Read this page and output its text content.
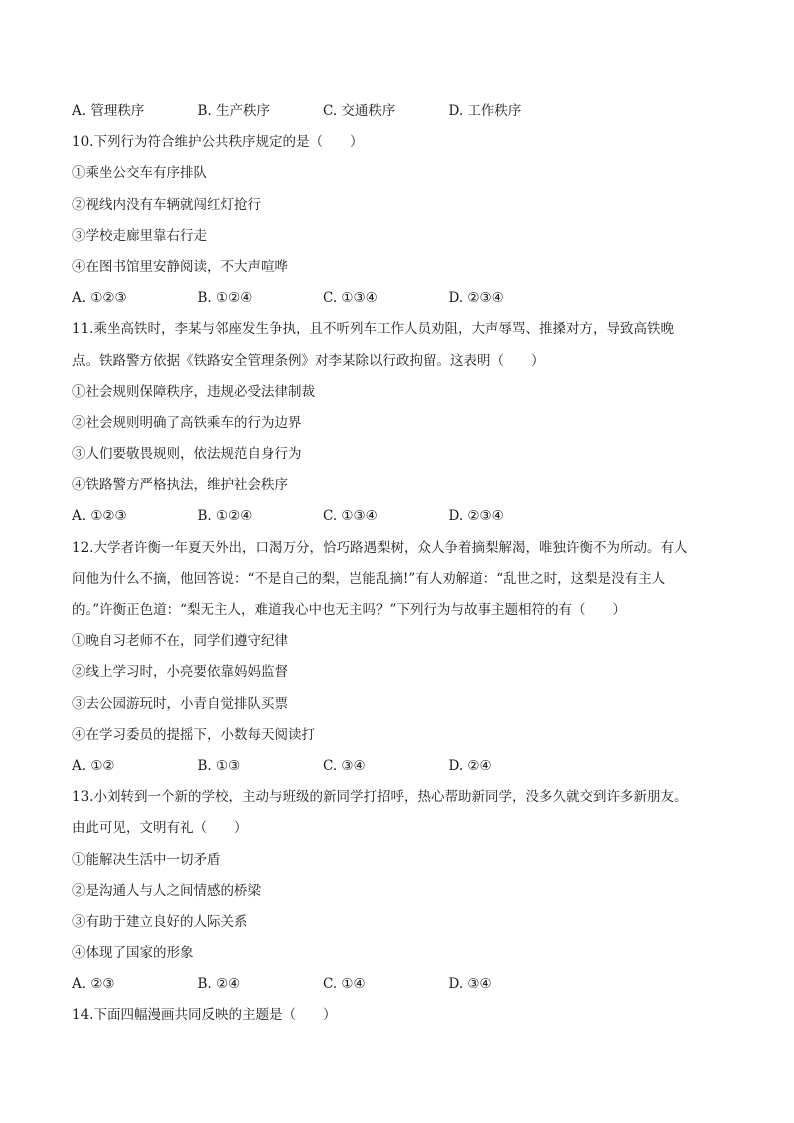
A. 管理秩序	B. 生产秩序	C. 交通秩序	D. 工作秩序
10.下列行为符合维护公共秩序规定的是（　　）
①乘坐公交车有序排队
②视线内没有车辆就闯红灯抢行
③学校走廊里靠右行走
④在图书馆里安静阅读，不大声喧哗
A. ①②③	B. ①②④	C. ①③④	D. ②③④
11.乘坐高铁时，李某与邻座发生争执，且不听列车工作人员劝阻，大声辱骂、推搡对方，导致高铁晚
点。铁路警方依据《铁路安全管理条例》对李某除以行政拘留。这表明（　　）
①社会规则保障秩序，违规必受法律制裁
②社会规则明确了高铁乘车的行为边界
③人们要敬畏规则，依法规范自身行为
④铁路警方严格执法，维护社会秩序
A. ①②③	B. ①②④	C. ①③④	D. ②③④
12.大学者许衡一年夏天外出，口渴万分，恰巧路遇梨树，众人争着摘梨解渴，唯独许衡不为所动。有人
问他为什么不摘，他回答说：“不是自己的梨，岂能乱摘!”有人劝解道：“乱世之时，这梨是没有主人
的。”许衡正色道：“梨无主人，难道我心中也无主吗？”下列行为与故事主题相符的有（　　）
①晚自习老师不在，同学们遵守纪律
②线上学习时，小亮要依靠妈妈监督
③去公园游玩时，小青自觉排队买票
④在学习委员的提摇下，小数每天阅读打
A. ①②	B. ①③	C. ③④	D. ②④
13.小刘转到一个新的学校，主动与班级的新同学打招呼，热心帮助新同学，没多久就交到许多新朋友。
由此可见，文明有礼（　　）
①能解决生活中一切矛盾
②是沟通人与人之间情感的桥梁
③有助于建立良好的人际关系
④体现了国家的形象
A. ②③	B. ②④	C. ①④	D. ③④
14.下面四幅漫画共同反映的主题是（　　）
